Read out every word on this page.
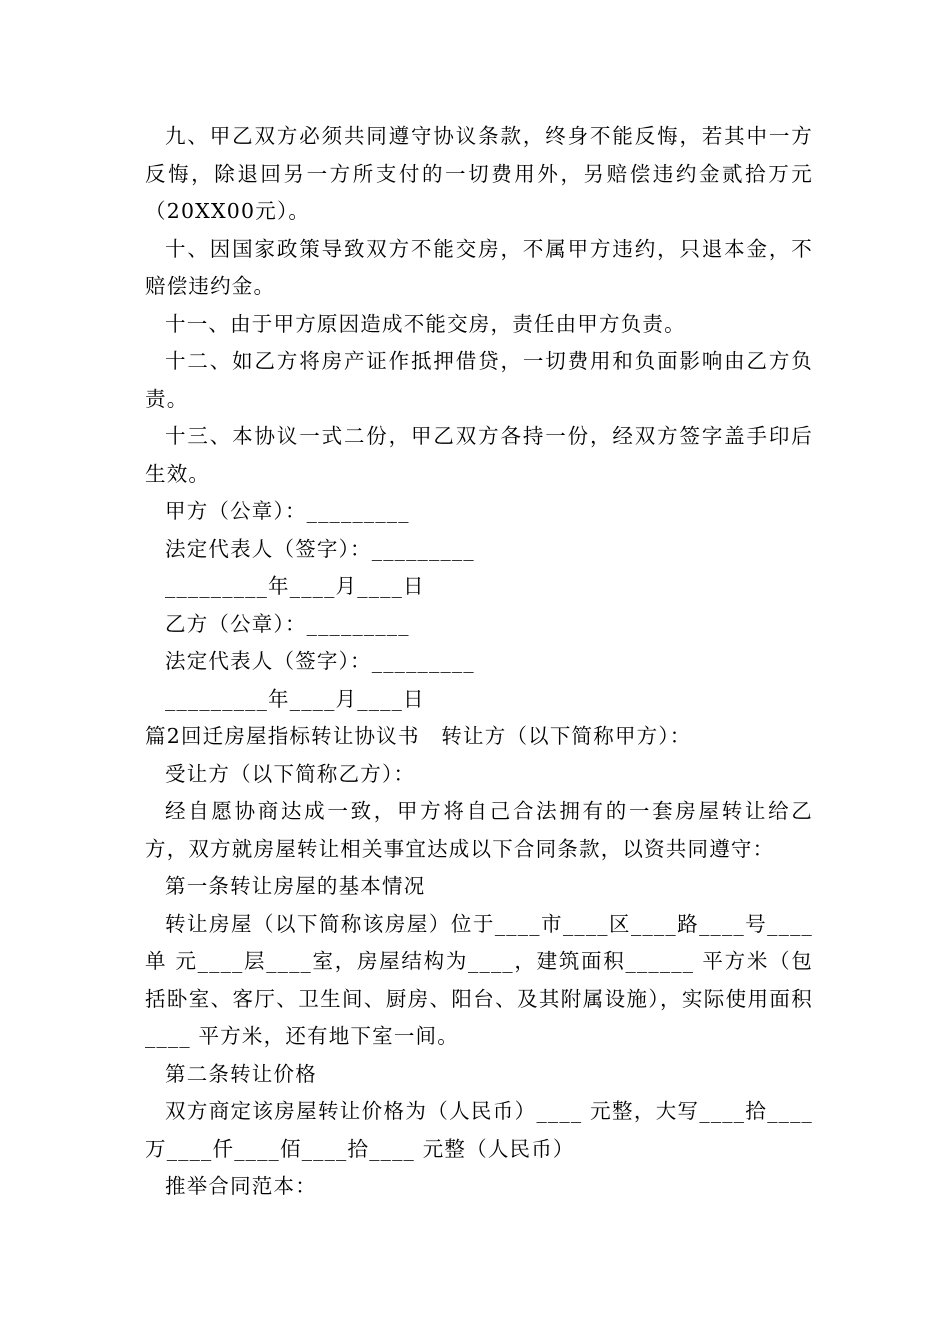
九、甲乙双方必须共同遵守协议条款，终身不能反悔，若其中一方反悔，除退回另一方所支付的一切费用外，另赔偿违约金贰拾万元（20XX00元）。

十、因国家政策导致双方不能交房，不属甲方违约，只退本金，不赔偿违约金。

十一、由于甲方原因造成不能交房，责任由甲方负责。

十二、如乙方将房产证作抵押借贷，一切费用和负面影响由乙方负责。

十三、本协议一式二份，甲乙双方各持一份，经双方签字盖手印后生效。

甲方（公章）：_________

法定代表人（签字）：_________

_________年____月____日

乙方（公章）：_________

法定代表人（签字）：_________

_________年____月____日

篇2回迁房屋指标转让协议书　转让方（以下简称甲方）：

受让方（以下简称乙方）：

经自愿协商达成一致，甲方将自己合法拥有的一套房屋转让给乙方，双方就房屋转让相关事宜达成以下合同条款，以资共同遵守：

第一条转让房屋的基本情况

转让房屋（以下简称该房屋）位于____市____区____路____号____单 元____层____室，房屋结构为____，建筑面积______ 平方米（包括卧室、客厅、卫生间、厨房、阳台、及其附属设施），实际使用面积____ 平方米，还有地下室一间。

第二条转让价格

双方商定该房屋转让价格为（人民币）____ 元整，大写____拾____万____仟____佰____拾____ 元整（人民币）

推举合同范本：
